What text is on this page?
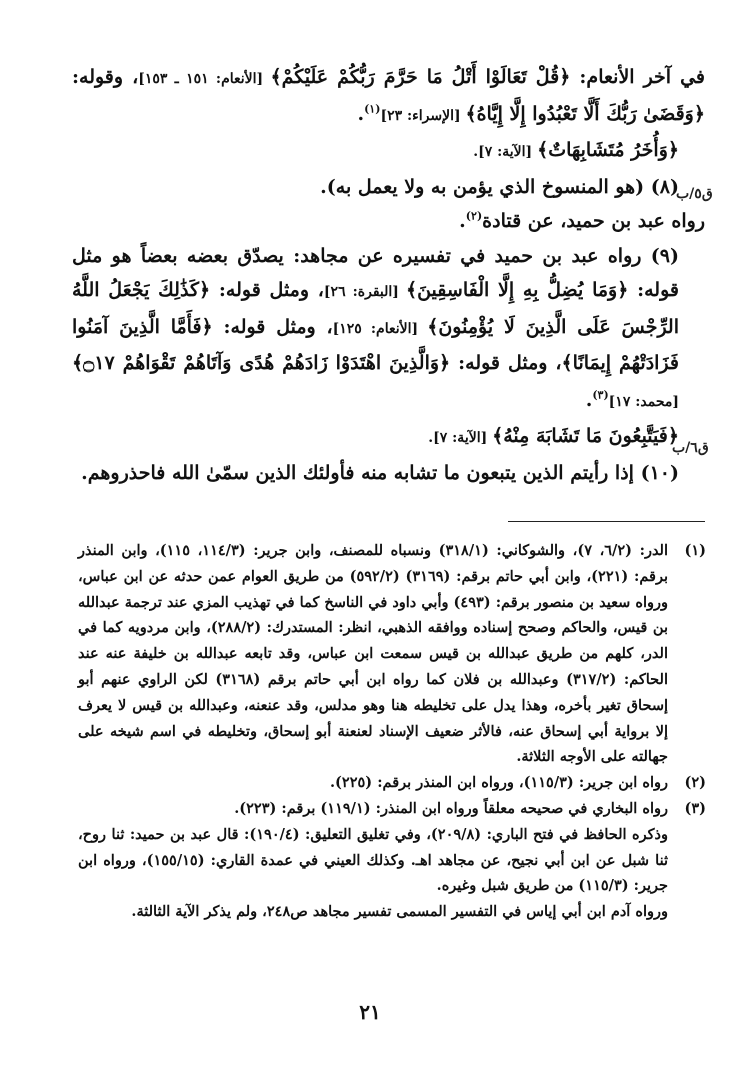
في آخر الأنعام: ﴿قُلْ تَعَالَوْا أَتْلُ مَا حَرَّمَ رَبُّكُمْ عَلَيْكُمْ﴾ [الأنعام: ١٥١ ـ ١٥٣]، وقوله: ﴿وَقَضَىٰ رَبُّكَ أَلَّا تَعْبُدُوا إِلَّا إِيَّاهُ﴾ [الإسراء: ٢٣]$^{(١)}$.

﴿وَأُخَرُ مُتَشَابِهَاتٌ﴾ [الآية: ٧].

(٨) (هو المنسوخ الذي يؤمن به ولا يعمل به).

رواه عبد بن حميد، عن قتادة$^{(٢)}$.

(٩) رواه عبد بن حميد في تفسيره عن مجاهد: يصدّق بعضه بعضاً هو مثل قوله: ﴿وَمَا يُضِلُّ بِهِ إِلَّا الْفَاسِقِينَ﴾ [البقرة: ٢٦]، ومثل قوله: ﴿كَذَٰلِكَ يَجْعَلُ اللَّهُ الرِّجْسَ عَلَى الَّذِينَ لَا يُؤْمِنُونَ﴾ [الأنعام: ١٢٥]، ومثل قوله: ﴿فَأَمَّا الَّذِينَ آمَنُوا فَزَادَتْهُمْ إِيمَانًا﴾، ومثل قوله: ﴿وَالَّذِينَ اهْتَدَوْا زَادَهُمْ هُدًى وَآتَاهُمْ تَقْوَاهُمْ ۝١٧﴾ [محمد: ١٧]$^{(٣)}$.

﴿فَيَتَّبِعُونَ مَا تَشَابَهَ مِنْهُ﴾ [الآية: ٧].

(١٠) إذا رأيتم الذين يتبعون ما تشابه منه فأولئك الذين سمّىٰ الله فاحذروهم.

ق٥/ب
ق٦/ب
(١)

الدر: (٦/٢، ٧)، والشوكاني: (٣١٨/١) ونسباه للمصنف، وابن جرير: (١١٤/٣، ١١٥)، وابن المنذر برقم: (٢٢١)، وابن أبي حاتم برقم: (٣١٦٩) (٥٩٢/٢) من طريق العوام عمن حدثه عن ابن عباس، ورواه سعيد بن منصور برقم: (٤٩٣) وأبي داود في الناسخ كما في تهذيب المزي عند ترجمة عبدالله بن قيس، والحاكم وصحح إسناده ووافقه الذهبي، انظر: المستدرك: (٢٨٨/٢)، وابن مردويه كما في الدر، كلهم من طريق عبدالله بن قيس سمعت ابن عباس، وقد تابعه عبدالله بن خليفة عنه عند الحاكم: (٣١٧/٢) وعبدالله بن فلان كما رواه ابن أبي حاتم برقم (٣١٦٨) لكن الراوي عنهم أبو إسحاق تغير بأخره، وهذا يدل على تخليطه هنا وهو مدلس، وقد عنعنه، وعبدالله بن قيس لا يعرف إلا برواية أبي إسحاق عنه، فالأثر ضعيف الإسناد لعنعنة أبو إسحاق، وتخليطه في اسم شيخه على جهالته على الأوجه الثلاثة.

(٢)

رواه ابن جرير: (١١٥/٣)، ورواه ابن المنذر برقم: (٢٢٥).

(٣)

رواه البخاري في صحيحه معلقاً ورواه ابن المنذر: (١١٩/١) برقم: (٢٢٣).

وذكره الحافظ في فتح الباري: (٢٠٩/٨)، وفي تغليق التعليق: (١٩٠/٤): قال عبد بن حميد: ثنا روح، ثنا شبل عن ابن أبي نجيح، عن مجاهد اهـ. وكذلك العيني في عمدة القاري: (١٥٥/١٥)، ورواه ابن جرير: (١١٥/٣) من طريق شبل وغيره.

ورواه آدم ابن أبي إياس في التفسير المسمى تفسير مجاهد ص٢٤٨، ولم يذكر الآية الثالثة.

٢١
